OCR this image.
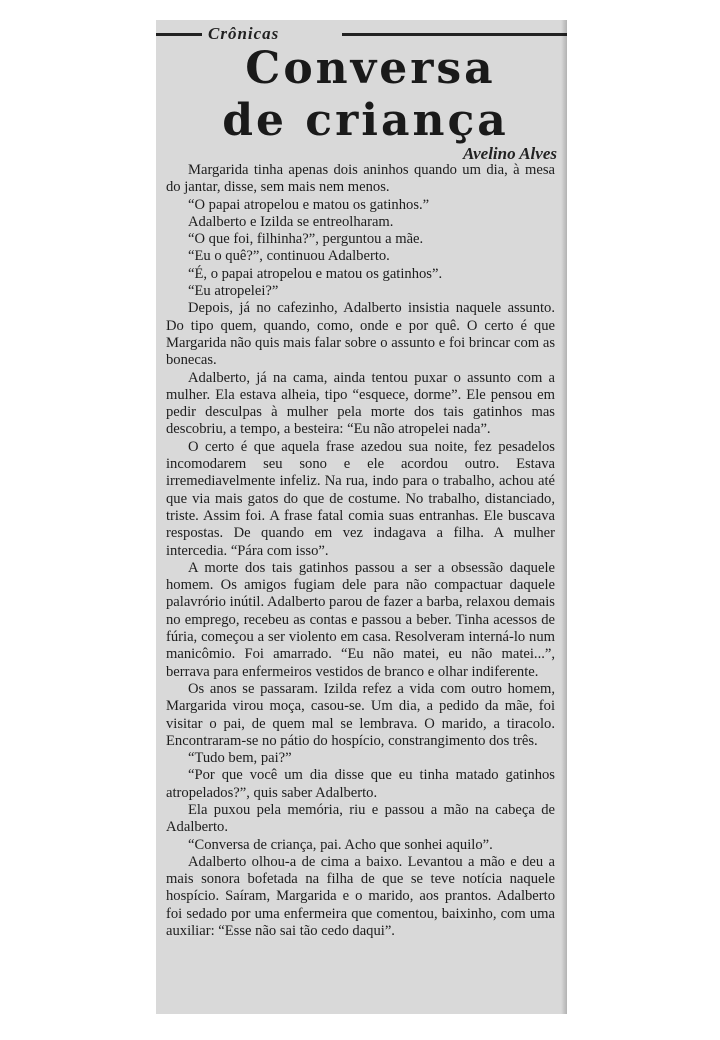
Crônicas
Conversa
de criança
Avelino Alves

Margarida tinha apenas dois aninhos quando um dia, à mesa do jantar, disse, sem mais nem menos.

“O papai atropelou e matou os gatinhos.”

Adalberto e Izilda se entreolharam.

“O que foi, filhinha?”, perguntou a mãe.

“Eu o quê?”, continuou Adalberto.

“É, o papai atropelou e matou os gatinhos”.

“Eu atropelei?”

Depois, já no cafezinho, Adalberto insistia naquele assunto. Do tipo quem, quando, como, onde e por quê. O certo é que Margarida não quis mais falar sobre o assunto e foi brincar com as bonecas.

Adalberto, já na cama, ainda tentou puxar o assunto com a mulher. Ela estava alheia, tipo “esquece, dorme”. Ele pensou em pedir desculpas à mulher pela morte dos tais gatinhos mas descobriu, a tempo, a besteira: “Eu não atropelei nada”.

O certo é que aquela frase azedou sua noite, fez pesadelos incomodarem seu sono e ele acordou outro. Estava irremediavelmente infeliz. Na rua, indo para o trabalho, achou até que via mais gatos do que de costume. No trabalho, distanciado, triste. Assim foi. A frase fatal comia suas entranhas. Ele buscava respostas. De quando em vez indagava a filha. A mulher intercedia. “Pára com isso”.

A morte dos tais gatinhos passou a ser a obsessão daquele homem. Os amigos fugiam dele para não compactuar daquele palavrório inútil. Adalberto parou de fazer a barba, relaxou demais no emprego, recebeu as contas e passou a beber. Tinha acessos de fúria, começou a ser violento em casa. Resolveram interná-lo num manicômio. Foi amarrado. “Eu não matei, eu não matei...”, berrava para enfermeiros vestidos de branco e olhar indiferente.

Os anos se passaram. Izilda refez a vida com outro homem, Margarida virou moça, casou-se. Um dia, a pedido da mãe, foi visitar o pai, de quem mal se lembrava. O marido, a tiracolo. Encontraram-se no pátio do hospício, constrangimento dos três.

“Tudo bem, pai?”

“Por que você um dia disse que eu tinha matado gatinhos atropelados?”, quis saber Adalberto.

Ela puxou pela memória, riu e passou a mão na cabeça de Adalberto.

“Conversa de criança, pai. Acho que sonhei aquilo”.

Adalberto olhou-a de cima a baixo. Levantou a mão e deu a mais sonora bofetada na filha de que se teve notícia naquele hospício. Saíram, Margarida e o marido, aos prantos. Adalberto foi sedado por uma enfermeira que comentou, baixinho, com uma auxiliar: “Esse não sai tão cedo daqui”.
